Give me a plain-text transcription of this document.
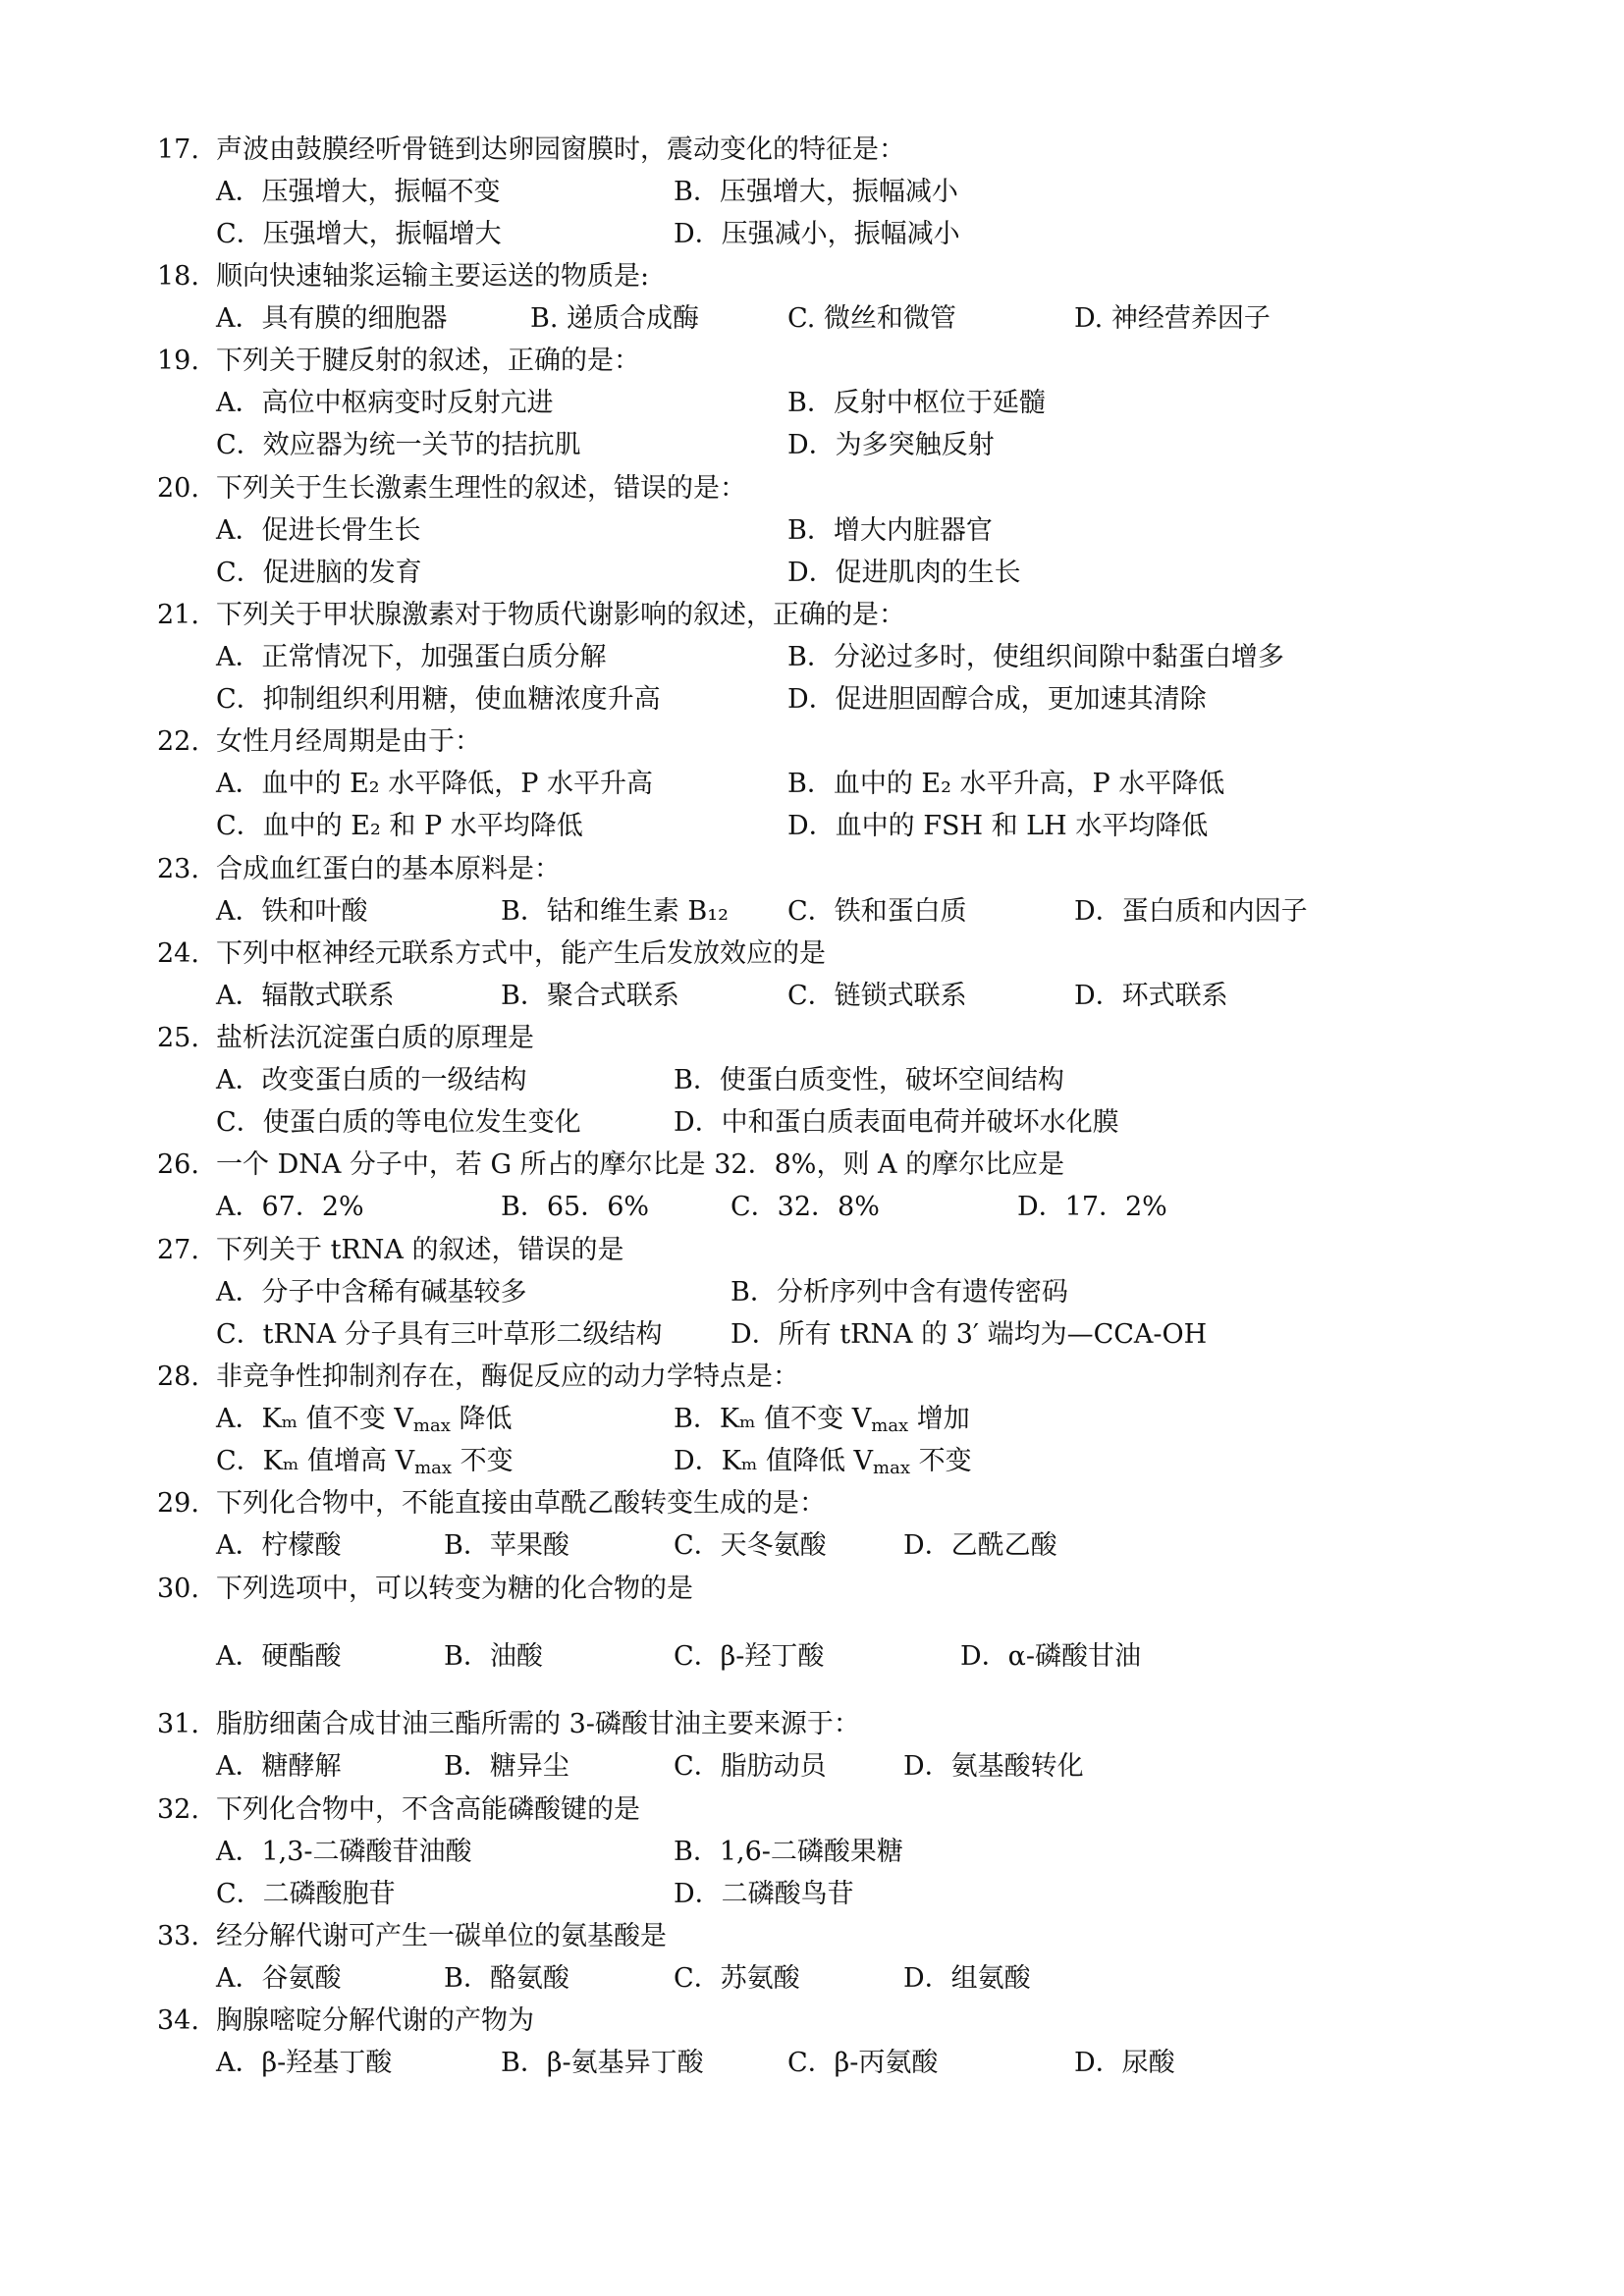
17. 声波由鼓膜经听骨链到达卵园窗膜时，震动变化的特征是：
A．压强增大，振幅不变	B．压强增大，振幅减小
C．压强增大，振幅增大	D．压强减小，振幅减小
18. 顺向快速轴浆运输主要运送的物质是:
A．具有膜的细胞器	B. 递质合成酶	C. 微丝和微管	D. 神经营养因子
19. 下列关于腱反射的叙述，正确的是：
A．高位中枢病变时反射亢进	B．反射中枢位于延髓
C．效应器为统一关节的拮抗肌	D．为多突触反射
20. 下列关于生长激素生理性的叙述，错误的是：
A．促进长骨生长	B．增大内脏器官
C．促进脑的发育	D．促进肌肉的生长
21. 下列关于甲状腺激素对于物质代谢影响的叙述，正确的是：
A．正常情况下，加强蛋白质分解	B．分泌过多时，使组织间隙中黏蛋白增多
C．抑制组织利用糖，使血糖浓度升高	D．促进胆固醇合成，更加速其清除
22. 女性月经周期是由于：
A．血中的 E₂ 水平降低，P 水平升高	B．血中的 E₂ 水平升高，P 水平降低
C．血中的 E₂ 和 P 水平均降低	D．血中的 FSH 和 LH 水平均降低
23. 合成血红蛋白的基本原料是：
A．铁和叶酸	B．钴和维生素 B₁₂ C．铁和蛋白质	D．蛋白质和内因子
24. 下列中枢神经元联系方式中，能产生后发放效应的是
A．辐散式联系	B．聚合式联系	C．链锁式联系	D．环式联系
25. 盐析法沉淀蛋白质的原理是
A．改变蛋白质的一级结构	B．使蛋白质变性，破坏空间结构
C．使蛋白质的等电位发生变化	D．中和蛋白质表面电荷并破坏水化膜
26. 一个 DNA 分子中，若 G 所占的摩尔比是 32．8%，则 A 的摩尔比应是
A．67．2%	B．65．6%	C．32．8%	D．17．2%
27. 下列关于 tRNA 的叙述，错误的是
A．分子中含稀有碱基较多	B．分析序列中含有遗传密码
C．tRNA 分子具有三叶草形二级结构	D．所有 tRNA 的 3′ 端均为—CCA-OH
28. 非竞争性抑制剂存在，酶促反应的动力学特点是：
A．Kₘ 值不变 $V_{max}$ 降低	B．Kₘ 值不变 $V_{max}$ 增加
C．Kₘ 值增高 $V_{max}$ 不变	D．Kₘ 值降低 $V_{max}$ 不变
29. 下列化合物中，不能直接由草酰乙酸转变生成的是：
A．柠檬酸	B．苹果酸	C．天冬氨酸	D．乙酰乙酸
30. 下列选项中，可以转变为糖的化合物的是
A．硬酯酸	B．油酸	C．β-羟丁酸	D．α-磷酸甘油
31. 脂肪细菌合成甘油三酯所需的 3-磷酸甘油主要来源于：
A．糖酵解	B．糖异尘	C．脂肪动员	D．氨基酸转化
32. 下列化合物中，不含高能磷酸键的是
A．1,3-二磷酸苷油酸	B．1,6-二磷酸果糖
C．二磷酸胞苷	D．二磷酸鸟苷
33. 经分解代谢可产生一碳单位的氨基酸是
A．谷氨酸	B．酪氨酸	C．苏氨酸	D．组氨酸
34. 胸腺嘧啶分解代谢的产物为
A．β-羟基丁酸	B．β-氨基异丁酸	C．β-丙氨酸	D．尿酸
